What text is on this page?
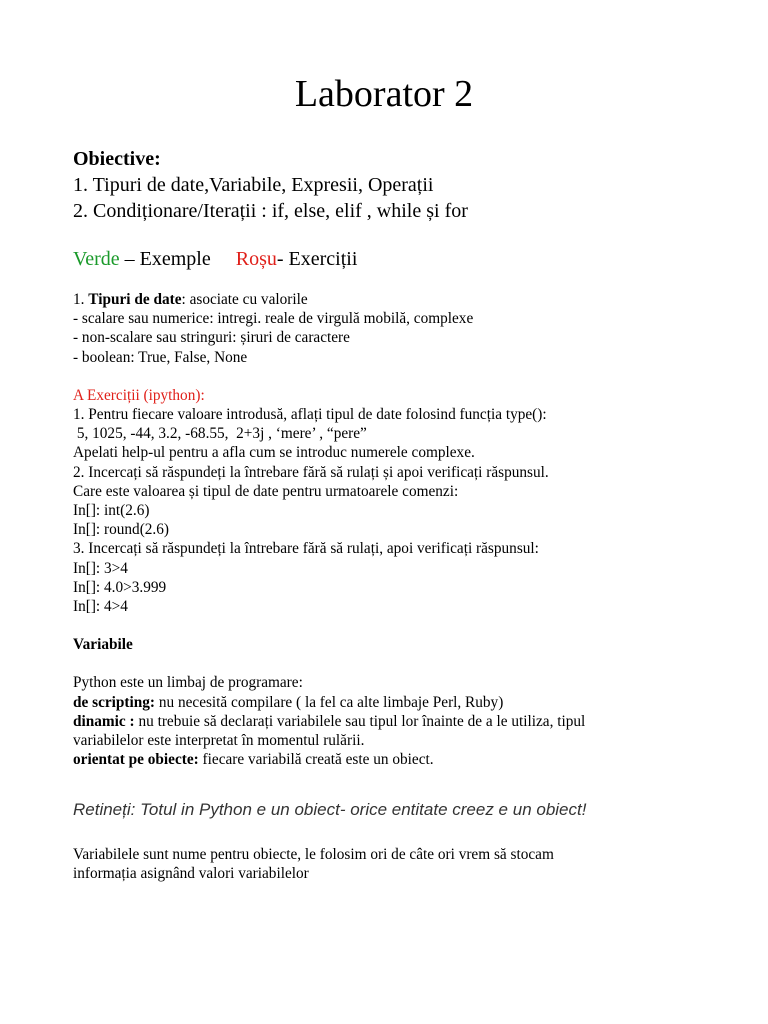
Laborator 2
Obiective:
1. Tipuri de date,Variabile, Expresii, Operații
2. Condiționare/Iterații : if, else, elif , while și for
Verde – Exemple Roșu- Exerciții
1. Tipuri de date: asociate cu valorile
- scalare sau numerice: intregi. reale de virgulă mobilă, complexe
- non-scalare sau stringuri: șiruri de caractere
- boolean: True, False, None
A Exerciții (ipython):
1. Pentru fiecare valoare introdusă, aflați tipul de date folosind funcția type():
5, 1025, -44, 3.2, -68.55,  2+3j , ‘mere’ , “pere”
Apelati help-ul pentru a afla cum se introduc numerele complexe.
2. Incercați să răspundeți la întrebare fără să rulați și apoi verificați răspunsul.
Care este valoarea și tipul de date pentru urmatoarele comenzi:
In[]: int(2.6)
In[]: round(2.6)
3. Incercați să răspundeți la întrebare fără să rulați, apoi verificați răspunsul:
In[]: 3>4
In[]: 4.0>3.999
In[]: 4>4
Variabile
Python este un limbaj de programare:
de scripting: nu necesită compilare ( la fel ca alte limbaje Perl, Ruby)
dinamic : nu trebuie să declarați variabilele sau tipul lor înainte de a le utiliza, tipul
variabilelor este interpretat în momentul rulării.
orientat pe obiecte: fiecare variabilă creată este un obiect.
Retineți: Totul in Python e un obiect- orice entitate creez e un obiect!
Variabilele sunt nume pentru obiecte, le folosim ori de câte ori vrem să stocam
informația asignând valori variabilelor
